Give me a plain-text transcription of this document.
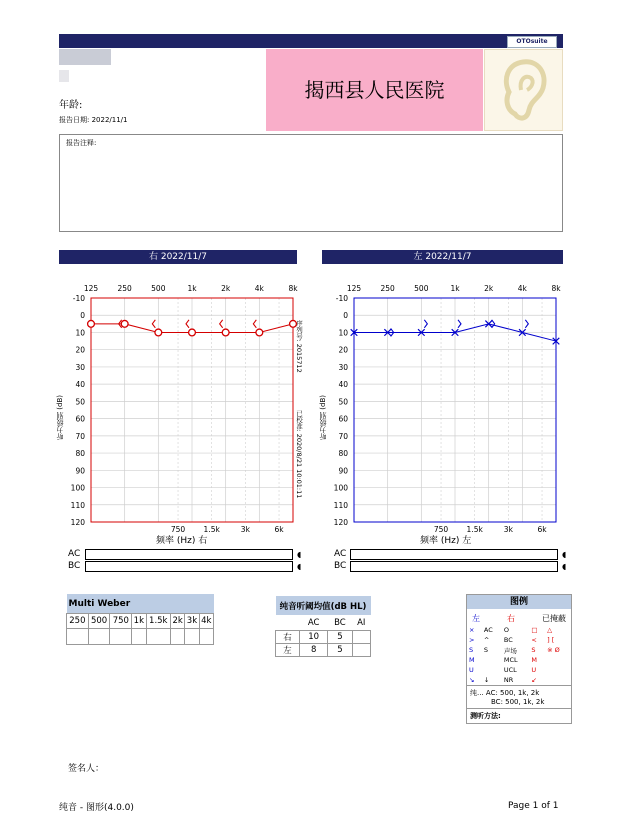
OTOsuite
年龄:
报告日期: 2022/11/1
揭西县人民医院
报告注释:
右 2022/11/7	左 2022/11/7
-10
0
10
20
30
40
50
60
70
80
90
100
110
120
125	250	500	1k	2k	4k	8k
750 1.5k	3k	6k
-10
0
10
20
30
40
50
60
70
80
90
100
110
120
125	250	500	1k	2k	4k	8k
750 1.5k	3k	6k
听力级别 (dB)	听力级别 (dB)
序列号: 2015712
已校准: 2020/8/21 10:01:11
频率 (Hz) 右	频率 (Hz) 左
AC
BC
AC
BC
◖
◖
◖
◖
Multi Weber							
250	500	750	1k	1.5k	2k	3k	4k

纯音听阈均值(dB HL)			
	AC	BC	AI
右	10	5	
左	8	5	
图例
左	右	已掩蔽
×	AC	O	□	△
>	^	BC	<	] [
S	S	声场	S	※ Ø
M		MCL	M	
U		UCL	U	
↘	↓	NR	↙	
纯... AC: 500, 1k, 2k
BC: 500, 1k, 2k
测听方法:
签名人：
纯音 - 图形(4.0.0)	Page 1 of 1
